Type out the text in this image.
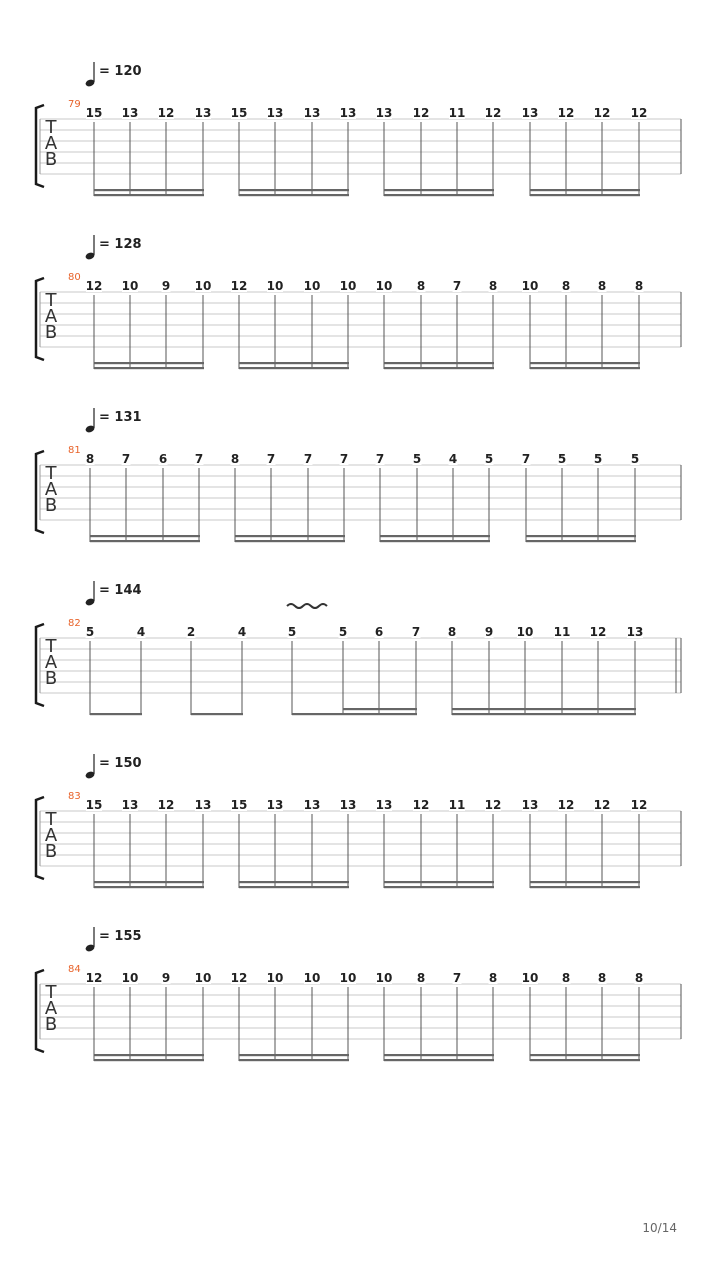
= 120
79
T
A
B
15 13 12 13 15 13 13 13 13 12 11 12 13 12 12 12
= 128
80
T
A
B
12 10 9 10 12 10 10 10 10 8 7 8 10 8 8 8
= 131
81
T
A
B
8 7 6 7 8 7 7 7 7 5 4 5 7 5 5 5
= 144
82
T
A
B
5	4	2	4	5	5 6 7 8 9 10 11 12 13
= 150
83
T
A
B
15 13 12 13 15 13 13 13 13 12 11 12 13 12 12 12
= 155
84
T
A
B
12 10 9 10 12 10 10 10 10 8 7 8 10 8 8 8
10/14
